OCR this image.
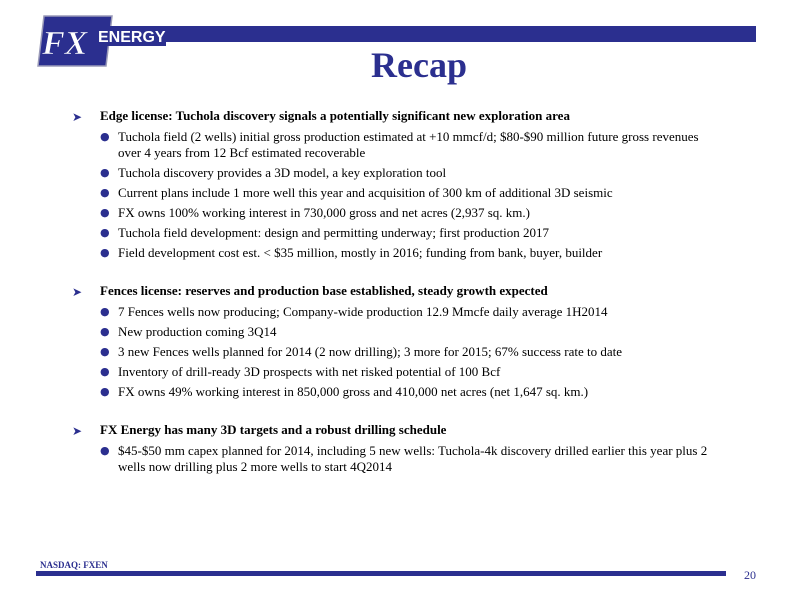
FX ENERGY
Recap
➤	Edge license: Tuchola discovery signals a potentially significant new exploration area
● Tuchola field (2 wells) initial gross production estimated at +10 mmcf/d; $80-$90 million future gross revenues over 4 years from 12 Bcf estimated recoverable
● Tuchola discovery provides a 3D model, a key exploration tool
● Current plans include 1 more well this year and acquisition of 300 km of additional 3D seismic
● FX owns 100% working interest in 730,000 gross and net acres (2,937 sq. km.)
● Tuchola field development: design and permitting underway; first production 2017
● Field development cost est. < $35 million, mostly in 2016; funding from bank, buyer, builder
➤	Fences license: reserves and production base established, steady growth expected
● 7 Fences wells now producing; Company-wide production 12.9 Mmcfe daily average 1H2014
● New production coming 3Q14
● 3 new Fences wells planned for 2014 (2 now drilling); 3 more for 2015; 67% success rate to date
● Inventory of drill-ready 3D prospects with net risked potential of 100 Bcf
● FX owns 49% working interest in 850,000 gross and 410,000 net acres (net 1,647 sq. km.)
➤	FX Energy has many 3D targets and a robust drilling schedule
● $45-$50 mm capex planned for 2014, including 5 new wells: Tuchola-4k discovery drilled earlier this year plus 2 wells now drilling plus 2 more wells to start 4Q2014
NASDAQ: FXEN
20
